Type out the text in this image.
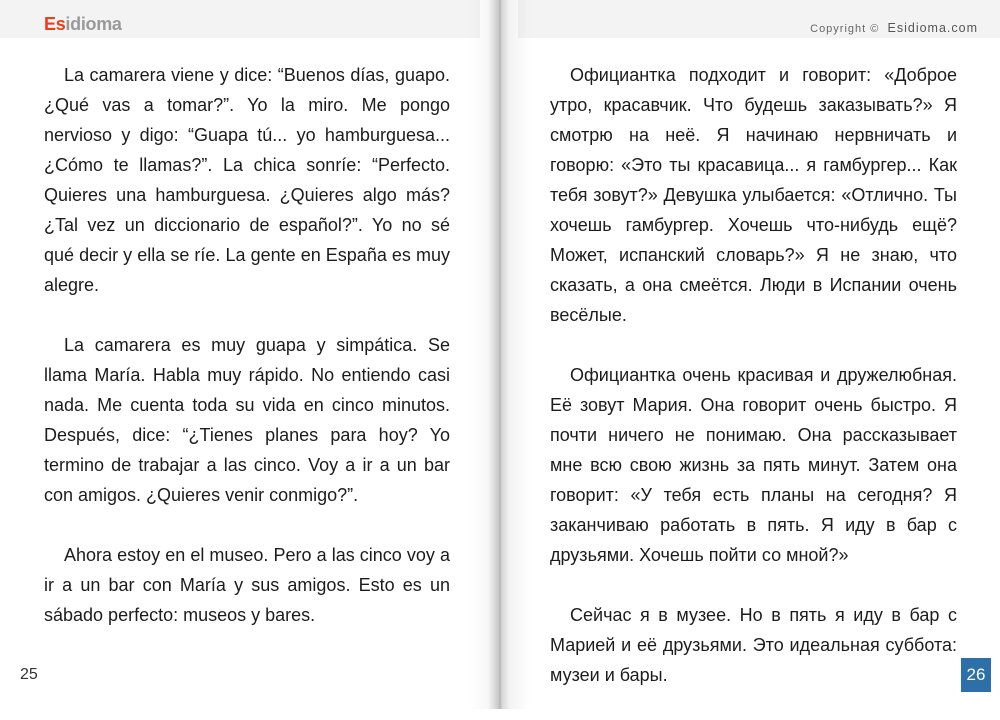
Esidioma

La camarera viene y dice: “Buenos días, guapo. ¿Qué vas a tomar?”. Yo la miro. Me pongo nervioso y digo: “Guapa tú... yo hamburguesa... ¿Cómo te llamas?”. La chica sonríe: “Perfecto. Quieres una hamburguesa. ¿Quieres algo más? ¿Tal vez un diccionario de español?”. Yo no sé qué decir y ella se ríe. La gente en España es muy alegre.

La camarera es muy guapa y simpática. Se llama María. Habla muy rápido. No entiendo casi nada. Me cuenta toda su vida en cinco minutos. Después, dice: “¿Tienes planes para hoy? Yo termino de trabajar a las cinco. Voy a ir a un bar con amigos. ¿Quieres venir conmigo?”.

Ahora estoy en el museo. Pero a las cinco voy a ir a un bar con María y sus amigos. Esto es un sábado perfecto: museos y bares.

25
Copyright © Esidioma.com

Официантка подходит и говорит: «Доброе утро, красавчик. Что будешь заказывать?» Я смотрю на неё. Я начинаю нервничать и говорю: «Это ты красавица... я гамбургер... Как тебя зовут?» Девушка улыбается: «Отлично. Ты хочешь гамбургер. Хочешь что-нибудь ещё? Может, испанский словарь?» Я не знаю, что сказать, а она смеётся. Люди в Испании очень весёлые.

Официантка очень красивая и дружелюбная. Её зовут Мария. Она говорит очень быстро. Я почти ничего не понимаю. Она рассказывает мне всю свою жизнь за пять минут. Затем она говорит: «У тебя есть планы на сегодня? Я заканчиваю работать в пять. Я иду в бар с друзьями. Хочешь пойти со мной?»

Сейчас я в музее. Но в пять я иду в бар с Марией и её друзьями. Это идеальная суббота: музеи и бары.	26
